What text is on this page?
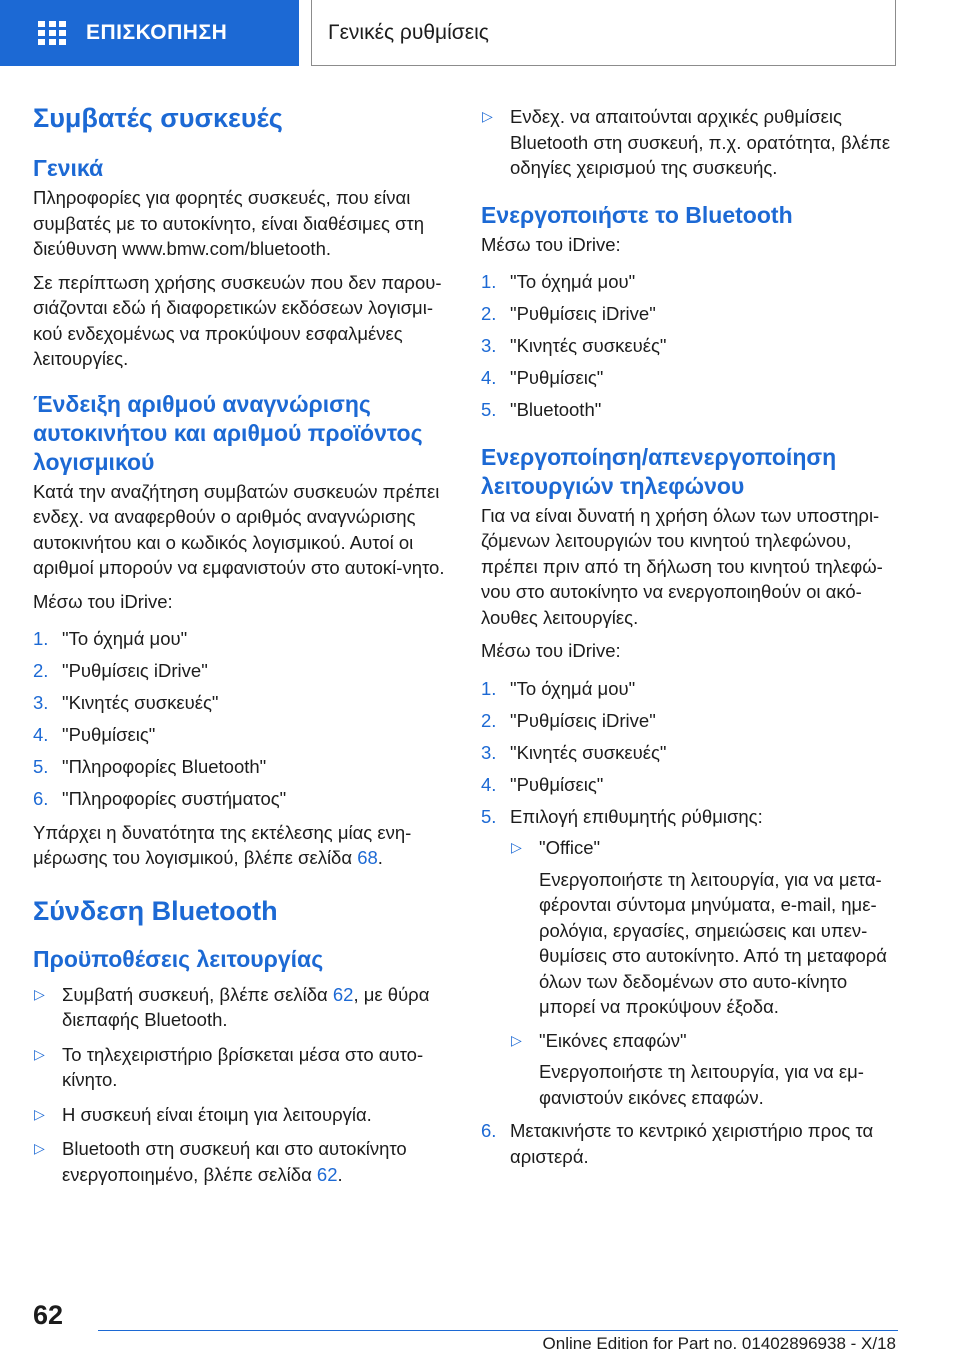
ΕΠΙΣΚΟΠΗΣΗ	Γενικές ρυθμίσεις
Συμβατές συσκευές
Γενικά

Πληροφορίες για φορητές συσκευές, που είναι συμβατές με το αυτοκίνητο, είναι διαθέσιμες στη διεύθυνση www.bmw.com/bluetooth.

Σε περίπτωση χρήσης συσκευών που δεν παρου-σιάζονται εδώ ή διαφορετικών εκδόσεων λογισμι-κού ενδεχομένως να προκύψουν εσφαλμένες λειτουργίες.

Ένδειξη αριθμού αναγνώρισης αυτοκινήτου και αριθμού προϊόντος λογισμικού

Κατά την αναζήτηση συμβατών συσκευών πρέπει ενδεχ. να αναφερθούν ο αριθμός αναγνώρισης αυτοκινήτου και ο κωδικός λογισμικού. Αυτοί οι αριθμοί μπορούν να εμφανιστούν στο αυτοκί-νητο.

Μέσω του iDrive:

1. "Το όχημά μου"
2. "Ρυθμίσεις iDrive"
3. "Κινητές συσκευές"
4. "Ρυθμίσεις"
5. "Πληροφορίες Bluetooth"
6. "Πληροφορίες συστήματος"

Υπάρχει η δυνατότητα της εκτέλεσης μίας ενη-μέρωσης του λογισμικού, βλέπε σελίδα 68.

Σύνδεση Bluetooth
Προϋποθέσεις λειτουργίας
▷ Συμβατή συσκευή, βλέπε σελίδα 62, με θύρα διεπαφής Bluetooth.
▷ Το τηλεχειριστήριο βρίσκεται μέσα στο αυτο-κίνητο.
▷ Η συσκευή είναι έτοιμη για λειτουργία.
▷ Bluetooth στη συσκευή και στο αυτοκίνητο ενεργοποιημένο, βλέπε σελίδα 62.
▷ Ενδεχ. να απαιτούνται αρχικές ρυθμίσεις Bluetooth στη συσκευή, π.χ. ορατότητα, βλέπε οδηγίες χειρισμού της συσκευής.
Ενεργοποιήστε το Bluetooth

Μέσω του iDrive:

1. "Το όχημά μου"
2. "Ρυθμίσεις iDrive"
3. "Κινητές συσκευές"
4. "Ρυθμίσεις"
5. "Bluetooth"
Ενεργοποίηση/απενεργοποίηση λειτουργιών τηλεφώνου

Για να είναι δυνατή η χρήση όλων των υποστηρι-ζόμενων λειτουργιών του κινητού τηλεφώνου, πρέπει πριν από τη δήλωση του κινητού τηλεφώ-νου στο αυτοκίνητο να ενεργοποιηθούν οι ακό-λουθες λειτουργίες.

Μέσω του iDrive:

1. "Το όχημά μου"
2. "Ρυθμίσεις iDrive"
3. "Κινητές συσκευές"
4. "Ρυθμίσεις"
5. Επιλογή επιθυμητής ρύθμισης:
▷ "Office"
Ενεργοποιήστε τη λειτουργία, για να μετα-φέρονται σύντομα μηνύματα, e-mail, ημε-ρολόγια, εργασίες, σημειώσεις και υπεν-θυμίσεις στο αυτοκίνητο. Από τη μεταφορά όλων των δεδομένων στο αυτο-κίνητο μπορεί να προκύψουν έξοδα.
▷ "Εικόνες επαφών"
Ενεργοποιήστε τη λειτουργία, για να εμ-φανιστούν εικόνες επαφών.
6. Μετακινήστε το κεντρικό χειριστήριο προς τα αριστερά.
62
Online Edition for Part no. 01402896938 - X/18
